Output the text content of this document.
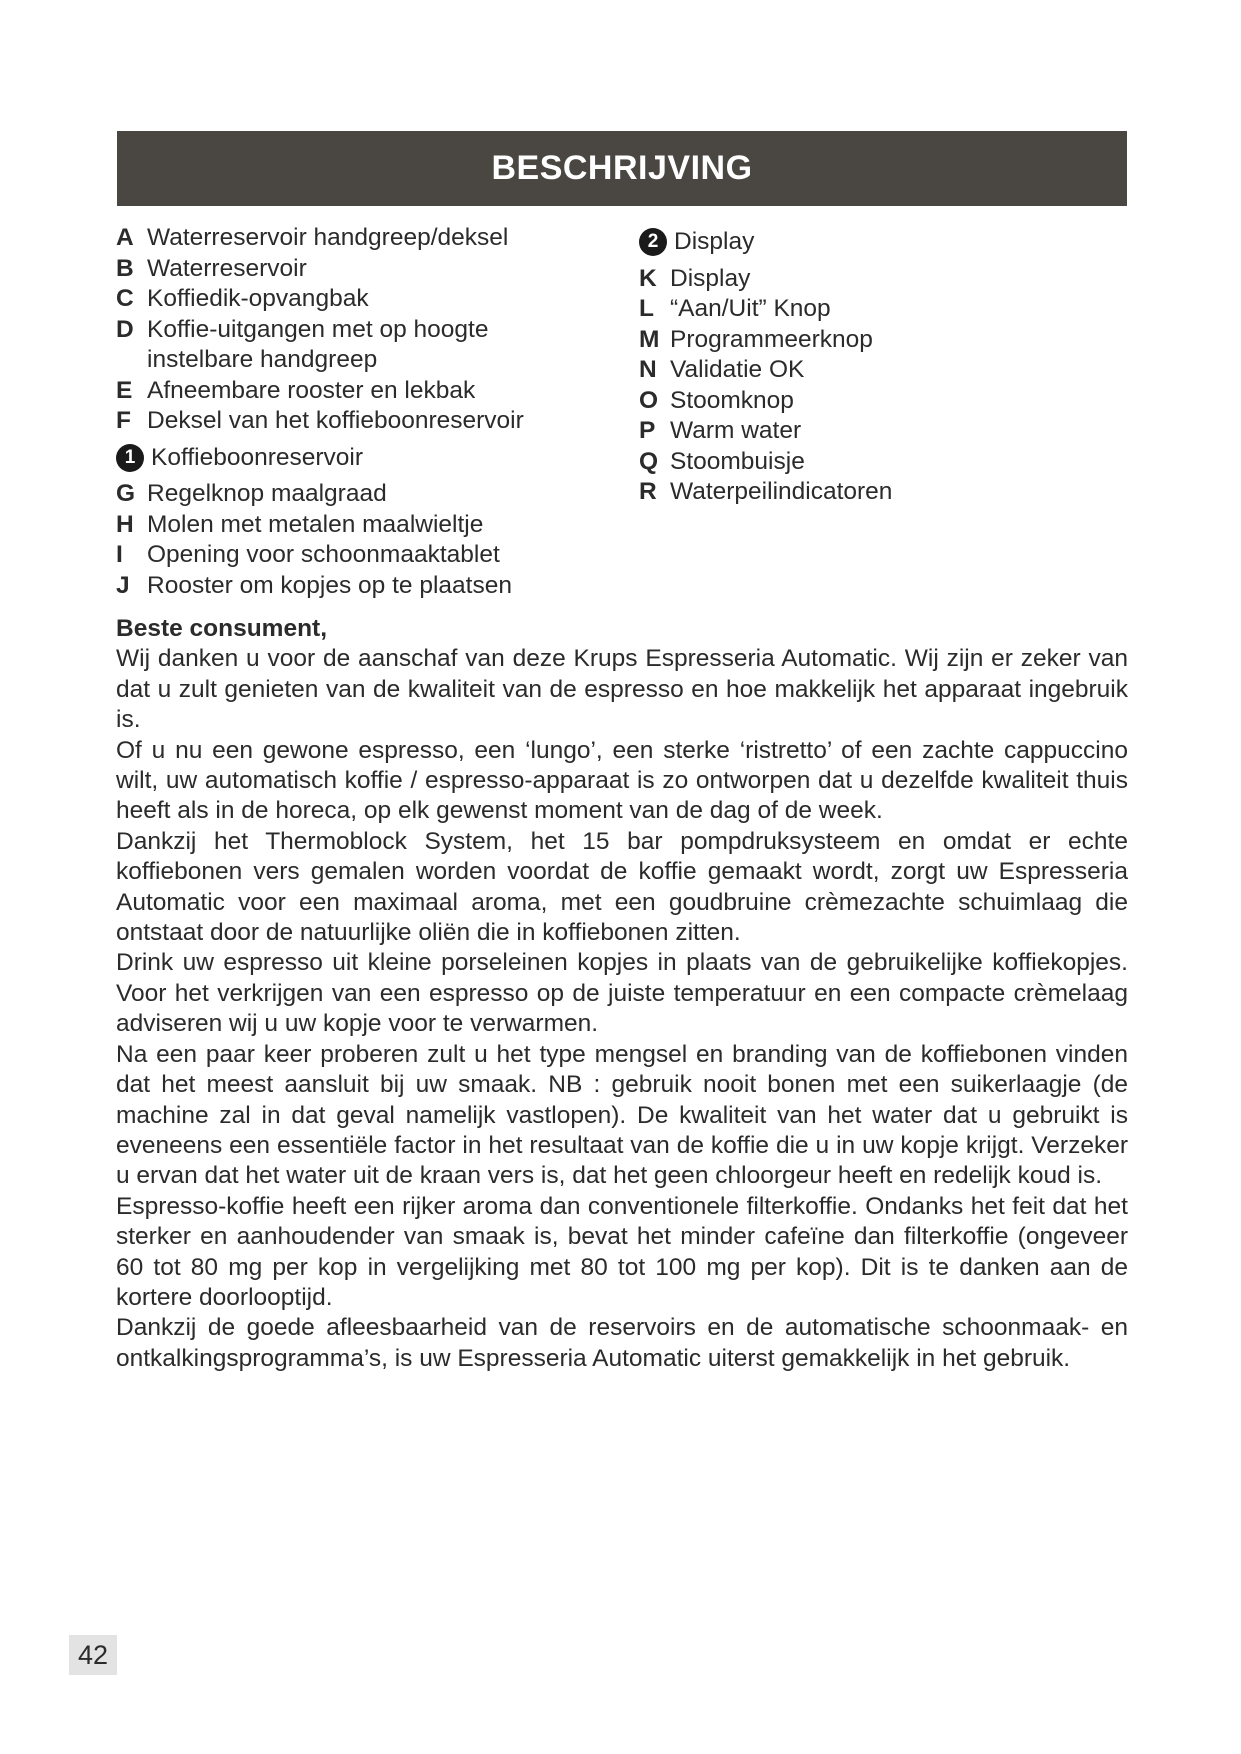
BESCHRIJVING
A Waterreservoir handgreep/deksel
B Waterreservoir
C Koffiedik-opvangbak
D Koffie-uitgangen met op hoogte instelbare handgreep
E Afneembare rooster en lekbak
F Deksel van het koffieboonreservoir
1 Koffieboonreservoir
G Regelknop maalgraad
H Molen met metalen maalwieltje
I Opening voor schoonmaaktablet
J Rooster om kopjes op te plaatsen
2 Display
K Display
L “Aan/Uit” Knop
M Programmeerknop
N Validatie OK
O Stoomknop
P Warm water
Q Stoombuisje
R Waterpeilindicatoren
Beste consument,

Wij danken u voor de aanschaf van deze Krups Espresseria Automatic. Wij zijn er zeker van dat u zult genieten van de kwaliteit van de espresso en hoe makkelijk het apparaat ingebruik is.

Of u nu een gewone espresso, een ‘lungo’, een sterke ‘ristretto’ of een zachte cappuccino wilt, uw automatisch koffie / espresso-apparaat is zo ontworpen dat u dezelfde kwaliteit thuis heeft als in de horeca, op elk gewenst moment van de dag of de week.

Dankzij het Thermoblock System, het 15 bar pompdruksysteem en omdat er echte koffiebonen vers gemalen worden voordat de koffie gemaakt wordt, zorgt uw Espresseria Automatic voor een maximaal aroma, met een goudbruine crèmezachte schuimlaag die ontstaat door de natuurlijke oliën die in koffiebonen zitten.

Drink uw espresso uit kleine porseleinen kopjes in plaats van de gebruikelijke koffiekopjes. Voor het verkrijgen van een espresso op de juiste temperatuur en een compacte crèmelaag adviseren wij u uw kopje voor te verwarmen.

Na een paar keer proberen zult u het type mengsel en branding van de koffiebonen vinden dat het meest aansluit bij uw smaak. NB : gebruik nooit bonen met een suikerlaagje (de machine zal in dat geval namelijk vastlopen). De kwaliteit van het water dat u gebruikt is eveneens een essentiële factor in het resultaat van de koffie die u in uw kopje krijgt. Verzeker u ervan dat het water uit de kraan vers is, dat het geen chloorgeur heeft en redelijk koud is.

Espresso-koffie heeft een rijker aroma dan conventionele filterkoffie. Ondanks het feit dat het sterker en aanhoudender van smaak is, bevat het minder cafeïne dan filterkoffie (ongeveer 60 tot 80 mg per kop in vergelijking met 80 tot 100 mg per kop). Dit is te danken aan de kortere doorlooptijd.

Dankzij de goede afleesbaarheid van de reservoirs en de automatische schoonmaak- en ontkalkingsprogramma’s, is uw Espresseria Automatic uiterst gemakkelijk in het gebruik.

42
